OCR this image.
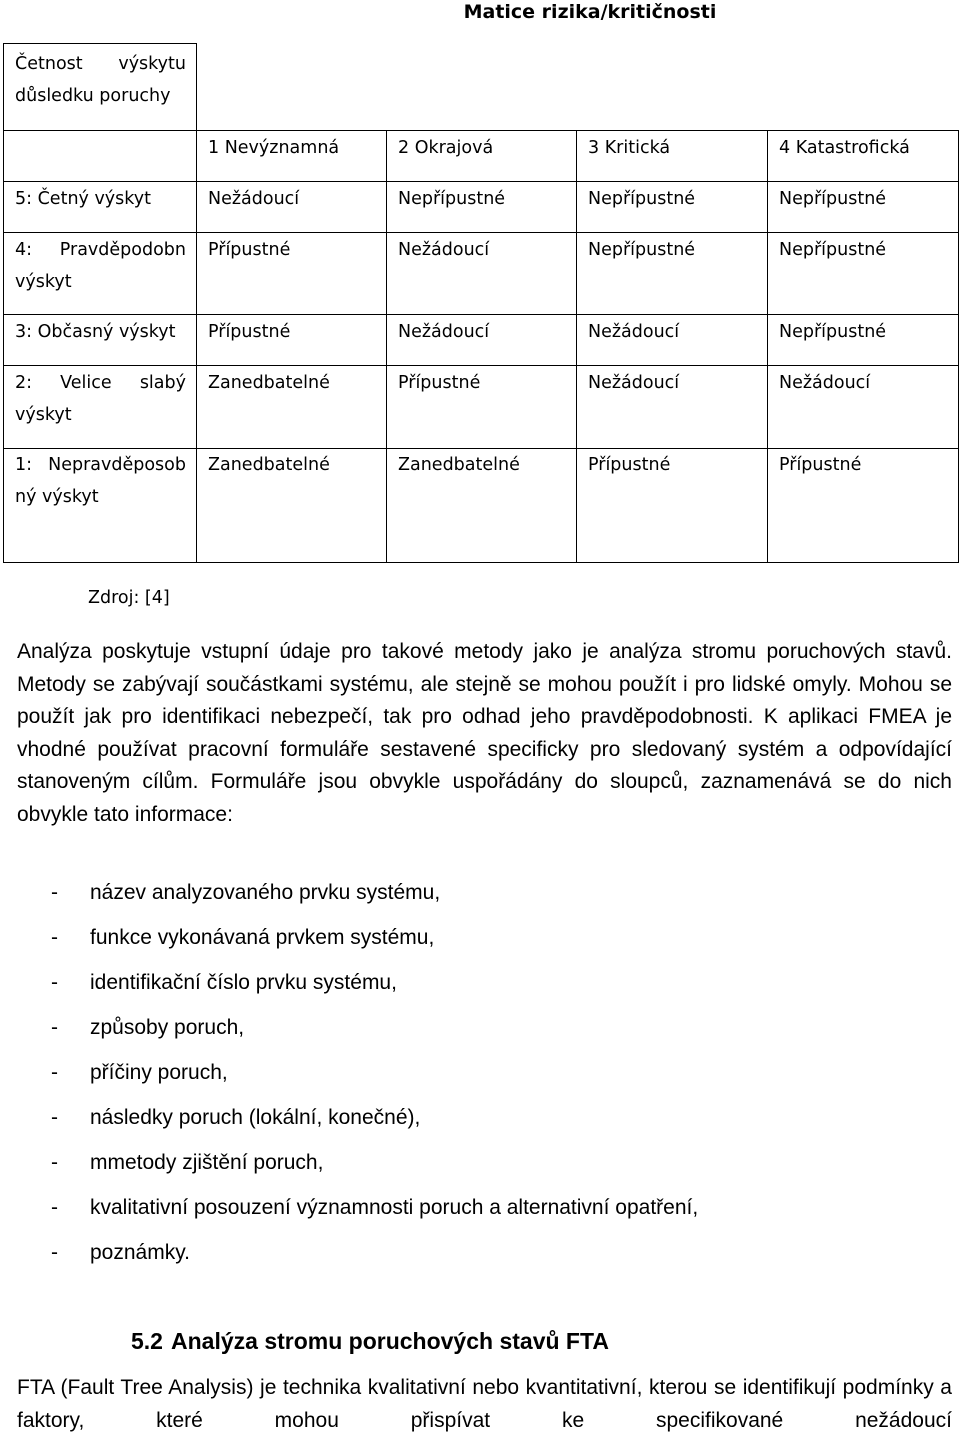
Matice rizika/kritičnosti
Četnost výskytu důsledku poruchy				
	1 Nevýznamná	2 Okrajová	3 Kritická	4 Katastrofická
5: Četný výskyt	Nežádoucí	Nepřípustné	Nepřípustné	Nepřípustné
4: Pravděpodobn výskyt	Přípustné	Nežádoucí	Nepřípustné	Nepřípustné
3: Občasný výskyt	Přípustné	Nežádoucí	Nežádoucí	Nepřípustné
2: Velice slabý výskyt	Zanedbatelné	Přípustné	Nežádoucí	Nežádoucí
1: Nepravděposobný výskyt	Zanedbatelné	Zanedbatelné	Přípustné	Přípustné
Zdroj: [4]
Analýza poskytuje vstupní údaje pro takové metody jako je analýza stromu poruchových stavů. Metody se zabývají součástkami systému, ale stejně se mohou použít i pro lidské omyly. Mohou se použít jak pro identifikaci nebezpečí, tak pro odhad jeho pravděpodobnosti. K aplikaci FMEA je vhodné používat pracovní formuláře sestavené specificky pro sledovaný systém a odpovídající stanoveným cílům. Formuláře jsou obvykle uspořádány do sloupců, zaznamenává se do nich obvykle tato informace:
- název analyzovaného prvku systému,
- funkce vykonávaná prvkem systému,
- identifikační číslo prvku systému,
- způsoby poruch,
- příčiny poruch,
- následky poruch (lokální, konečné),
- mmetody zjištění poruch,
- kvalitativní posouzení významnosti poruch a alternativní opatření,
- poznámky.
5.2 Analýza stromu poruchových stavů FTA
FTA (Fault Tree Analysis) je technika kvalitativní nebo kvantitativní, kterou se identifikují podmínky a faktory, které mohou přispívat ke specifikované nežádoucí
